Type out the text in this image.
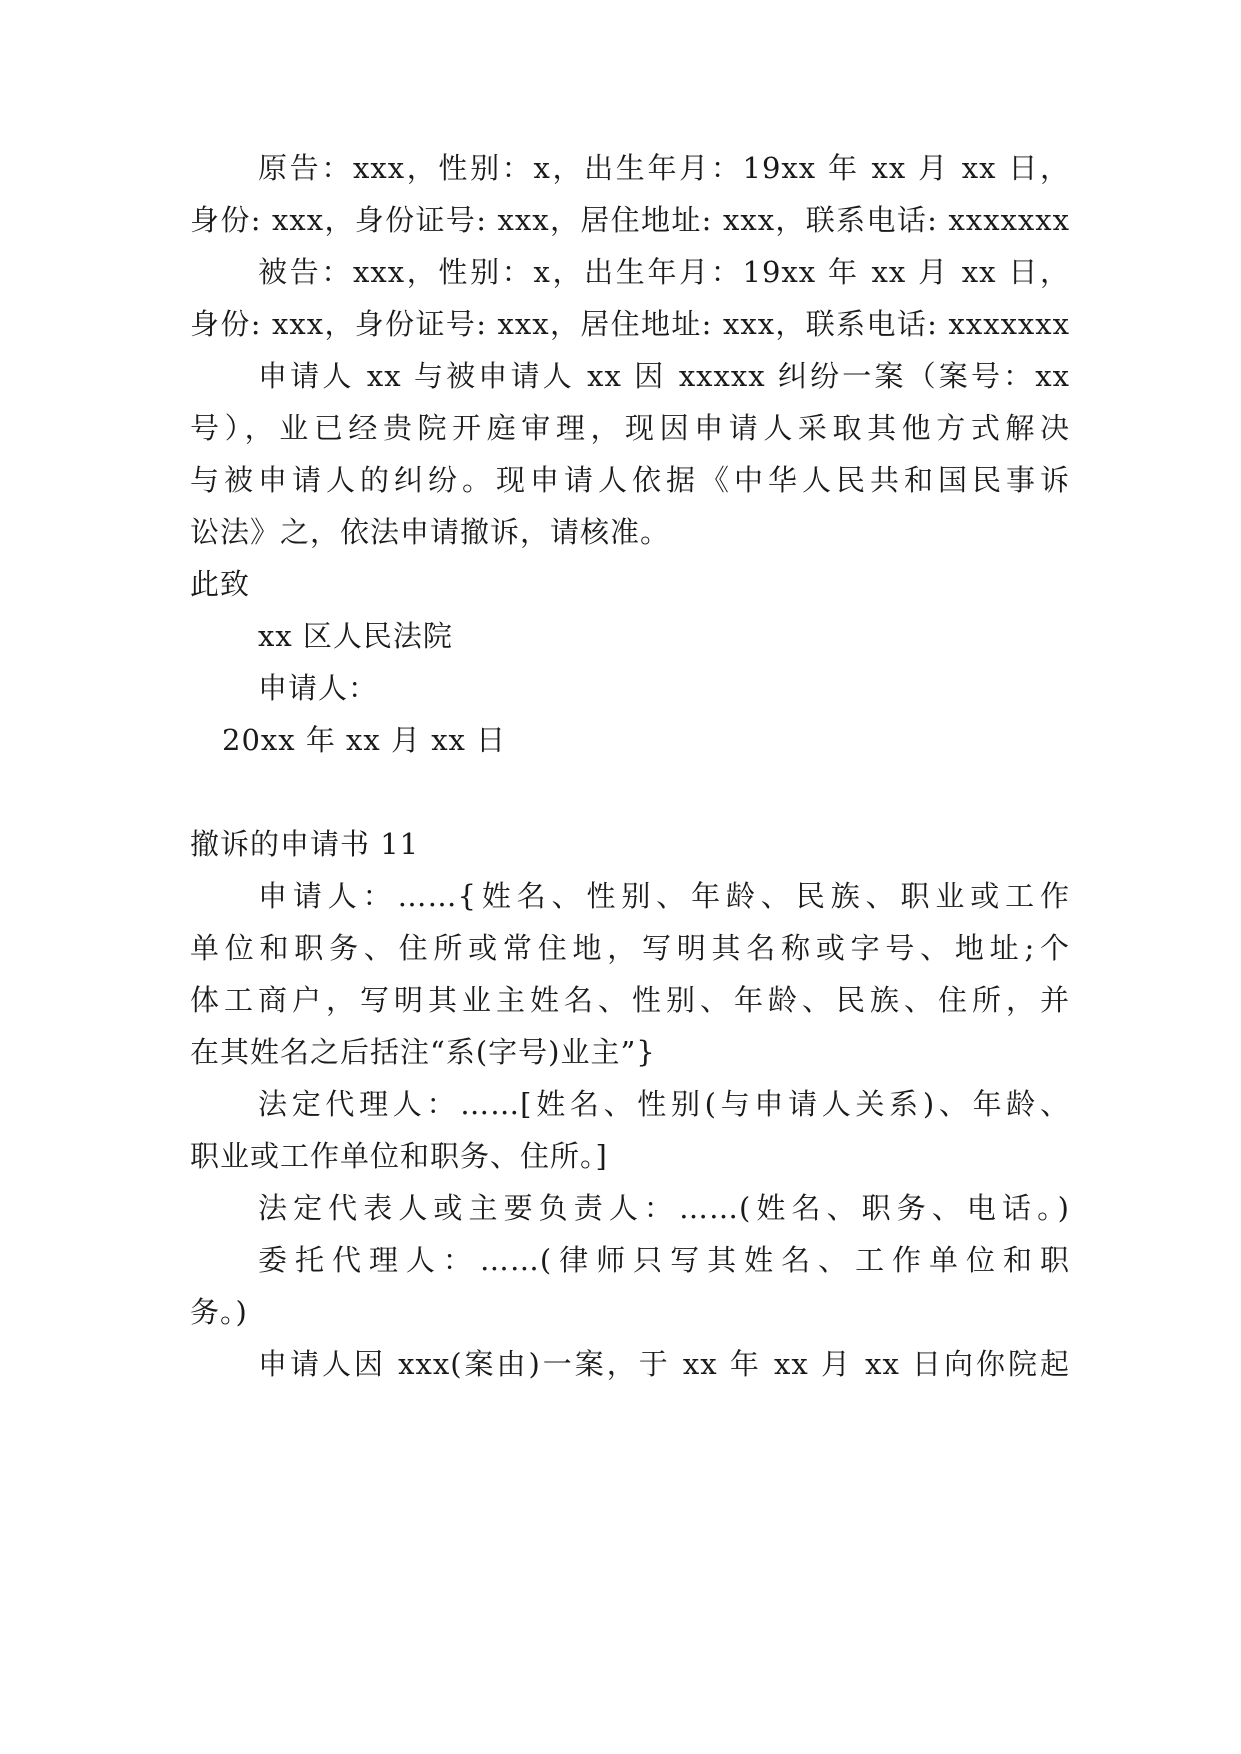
原告：xxx，性别：x，出生年月：19xx 年 xx 月 xx 日，
身份: xxx，身份证号: xxx，居住地址: xxx，联系电话: xxxxxxx
被告：xxx，性别：x，出生年月：19xx 年 xx 月 xx 日，
身份: xxx，身份证号: xxx，居住地址: xxx，联系电话: xxxxxxx
申请人 xx 与被申请人 xx 因 xxxxx 纠纷一案（案号：xx
号），业已经贵院开庭审理，现因申请人采取其他方式解决
与被申请人的纠纷。现申请人依据《中华人民共和国民事诉
讼法》之，依法申请撤诉，请核准。
此致
xx 区人民法院
申请人：
20xx 年 xx 月 xx 日
撤诉的申请书 11
申请人：……{姓名、性别、年龄、民族、职业或工作
单位和职务、住所或常住地，写明其名称或字号、地址;个
体工商户，写明其业主姓名、性别、年龄、民族、住所，并
在其姓名之后括注“系(字号)业主”}
法定代理人：……[姓名、性别(与申请人关系)、年龄、
职业或工作单位和职务、住所。]
法定代表人或主要负责人：……(姓名、职务、电话。)
委托代理人：……(律师只写其姓名、工作单位和职
务。)
申请人因 xxx(案由)一案，于 xx 年 xx 月 xx 日向你院起
